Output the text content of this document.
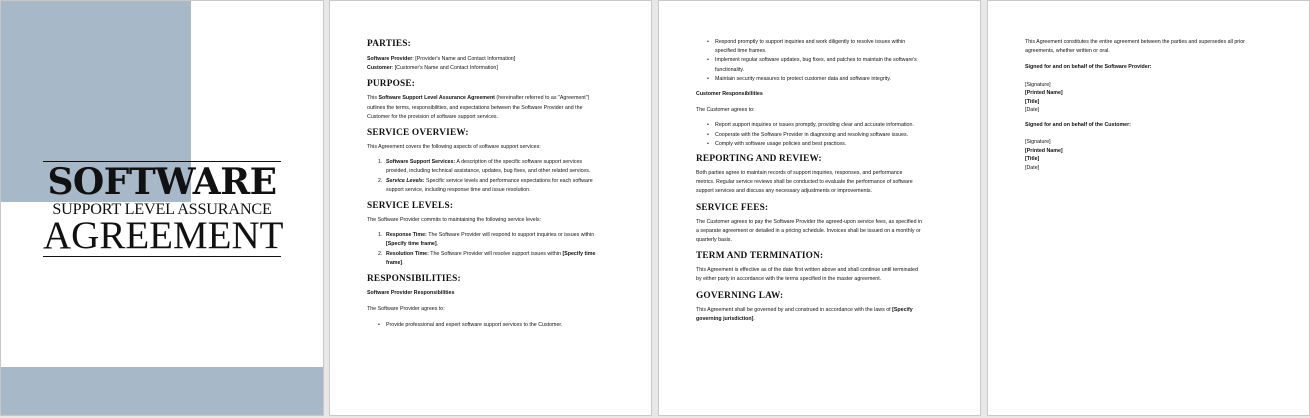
SOFTWARE
SUPPORT LEVEL ASSURANCE
AGREEMENT
PARTIES:
Software Provider: [Provider's Name and Contact Information]
Customer: [Customer's Name and Contact Information]
PURPOSE:
This Software Support Level Assurance Agreement (hereinafter referred to as "Agreement")
outlines the terms, responsibilities, and expectations between the Software Provider and the
Customer for the provision of software support services.
SERVICE OVERVIEW:
This Agreement covers the following aspects of software support services:
1. Software Support Services: A description of the specific software support services
provided, including technical assistance, updates, bug fixes, and other related services.
2. Service Levels: Specific service levels and performance expectations for each software
support service, including response time and issue resolution.
SERVICE LEVELS:
The Software Provider commits to maintaining the following service levels:
1. Response Time: The Software Provider will respond to support inquiries or issues within
[Specify time frame].
2. Resolution Time: The Software Provider will resolve support issues within [Specify time
frame].
RESPONSIBILITIES:
Software Provider Responsibilities
The Software Provider agrees to:
• Provide professional and expert software support services to the Customer.
• Respond promptly to support inquiries and work diligently to resolve issues within
specified time frames.
• Implement regular software updates, bug fixes, and patches to maintain the software's
functionality.
• Maintain security measures to protect customer data and software integrity.
Customer Responsibilities
The Customer agrees to:
• Report support inquiries or issues promptly, providing clear and accurate information.
• Cooperate with the Software Provider in diagnosing and resolving software issues.
• Comply with software usage policies and best practices.
REPORTING AND REVIEW:
Both parties agree to maintain records of support inquiries, responses, and performance
metrics. Regular service reviews shall be conducted to evaluate the performance of software
support services and discuss any necessary adjustments or improvements.
SERVICE FEES:
The Customer agrees to pay the Software Provider the agreed-upon service fees, as specified in
a separate agreement or detailed in a pricing schedule. Invoices shall be issued on a monthly or
quarterly basis.
TERM AND TERMINATION:
This Agreement is effective as of the date first written above and shall continue until terminated
by either party in accordance with the terms specified in the master agreement.
GOVERNING LAW:
This Agreement shall be governed by and construed in accordance with the laws of [Specify
governing jurisdiction].
This Agreement constitutes the entire agreement between the parties and supersedes all prior
agreements, whether written or oral.
Signed for and on behalf of the Software Provider:
[Signature]
[Printed Name]
[Title]
[Date]
Signed for and on behalf of the Customer:
[Signature]
[Printed Name]
[Title]
[Date]
